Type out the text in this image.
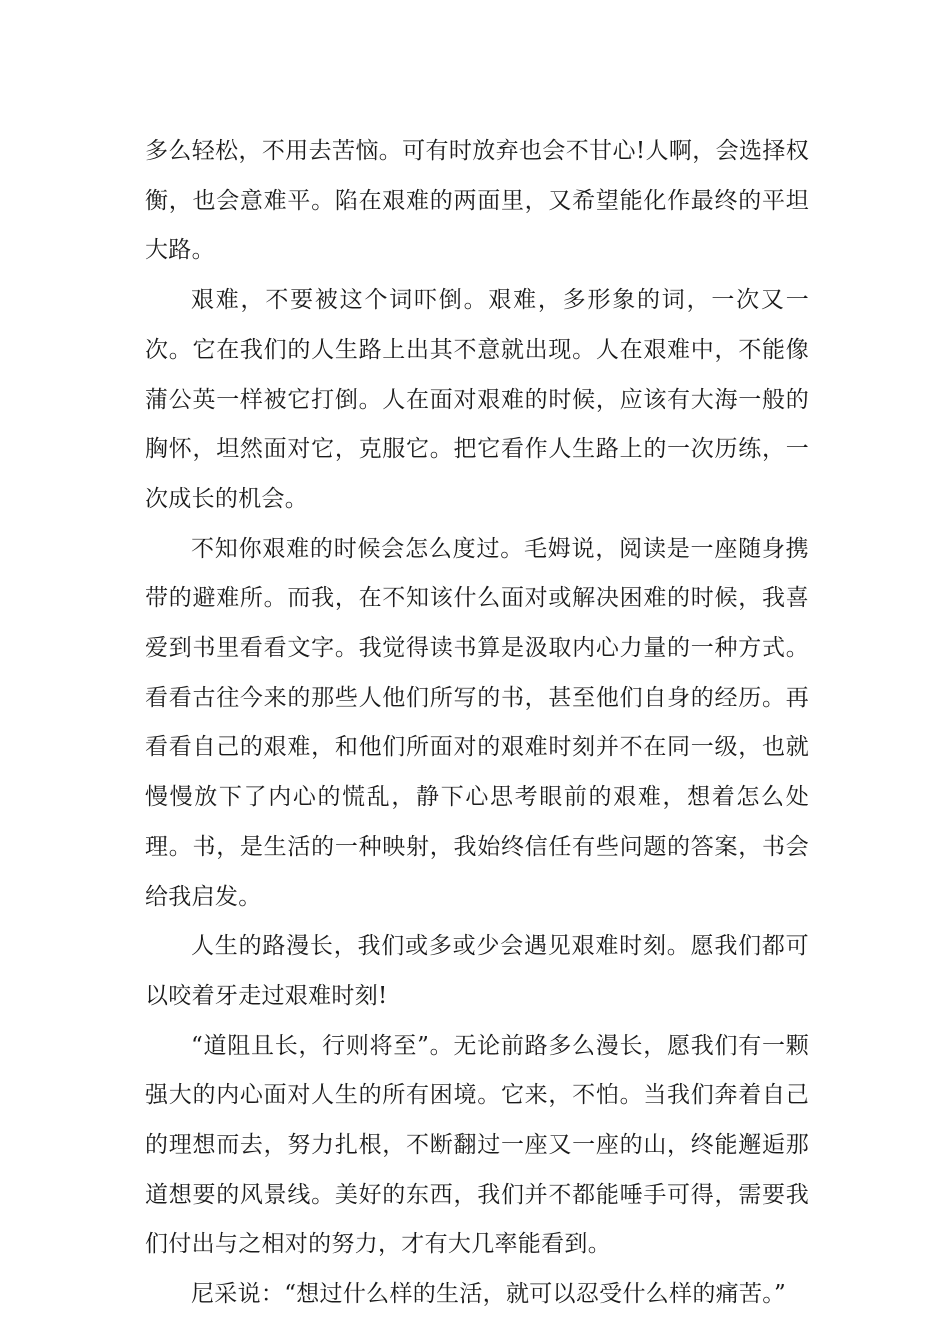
多么轻松，不用去苦恼。可有时放弃也会不甘心!人啊，会选择权衡，也会意难平。陷在艰难的两面里，又希望能化作最终的平坦大路。

艰难，不要被这个词吓倒。艰难，多形象的词，一次又一次。它在我们的人生路上出其不意就出现。人在艰难中，不能像蒲公英一样被它打倒。人在面对艰难的时候，应该有大海一般的胸怀，坦然面对它，克服它。把它看作人生路上的一次历练，一次成长的机会。

不知你艰难的时候会怎么度过。毛姆说，阅读是一座随身携带的避难所。而我，在不知该什么面对或解决困难的时候，我喜爱到书里看看文字。我觉得读书算是汲取内心力量的一种方式。看看古往今来的那些人他们所写的书，甚至他们自身的经历。再看看自己的艰难，和他们所面对的艰难时刻并不在同一级，也就慢慢放下了内心的慌乱，静下心思考眼前的艰难，想着怎么处理。书，是生活的一种映射，我始终信任有些问题的答案，书会给我启发。

人生的路漫长，我们或多或少会遇见艰难时刻。愿我们都可以咬着牙走过艰难时刻!

“道阻且长，行则将至”。无论前路多么漫长，愿我们有一颗强大的内心面对人生的所有困境。它来，不怕。当我们奔着自己的理想而去，努力扎根，不断翻过一座又一座的山，终能邂逅那道想要的风景线。美好的东西，我们并不都能唾手可得，需要我们付出与之相对的努力，才有大几率能看到。

尼采说：“想过什么样的生活，就可以忍受什么样的痛苦。”
